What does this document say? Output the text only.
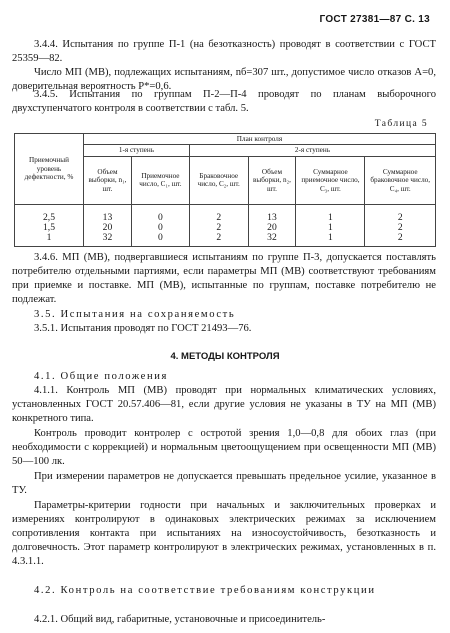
ГОСТ 27381—87 С. 13

3.4.4. Испытания по группе П-1 (на безотказность) проводят в соответствии с ГОСТ 25359—82.

Число МП (МВ), подлежащих испытаниям, nб=307 шт., допустимое число отказов A=0, доверительная вероятность P*=0,6.

3.4.5. Испытания по группам П-2—П-4 проводят по планам выборочного двухступенчатого контроля в соответствии с табл. 5.

Таблица 5
Приемочный уровень дефектности, %	План контроля					
	1-я ступень		2-я ступень			
	Объем выборки, n₁, шт.	Приемочное число, C₁, шт.	Браковочное число, C₂, шт.	Объем выборки, n₂, шт.	Суммарное приемочное число, C₃, шт.	Суммарное браковочное число, C₄, шт.
2,5	13	0	2	13	1	2
1,5	20	0	2	20	1	2
1	32	0	2	32	1	2

3.4.6. МП (МВ), подвергавшиеся испытаниям по группе П-3, допускается поставлять потребителю отдельными партиями, если параметры МП (МВ) соответствуют требованиям при приемке и поставке. МП (МВ), испытанные по группам, поставке потребителю не подлежат.

3.5. Испытания на сохраняемость

3.5.1. Испытания проводят по ГОСТ 21493—76.

4. МЕТОДЫ КОНТРОЛЯ

4.1. Общие положения

4.1.1. Контроль МП (МВ) проводят при нормальных климатических условиях, установленных ГОСТ 20.57.406—81, если другие условия не указаны в ТУ на МП (МВ) конкретного типа.

Контроль проводит контролер с остротой зрения 1,0—0,8 для обоих глаз (при необходимости с коррекцией) и нормальным цветоощущением при освещенности МП (МВ) 50—100 лк.

При измерении параметров не допускается превышать предельное усилие, указанное в ТУ.

Параметры-критерии годности при начальных и заключительных проверках и измерениях контролируют в одинаковых электрических режимах за исключением сопротивления контакта при испытаниях на износоустойчивость, безотказность и долговечность. Этот параметр контролируют в электрических режимах, установленных в п. 4.3.1.1.

4.2. Контроль на соответствие требованиям конструкции

4.2.1. Общий вид, габаритные, установочные и присоединитель-
